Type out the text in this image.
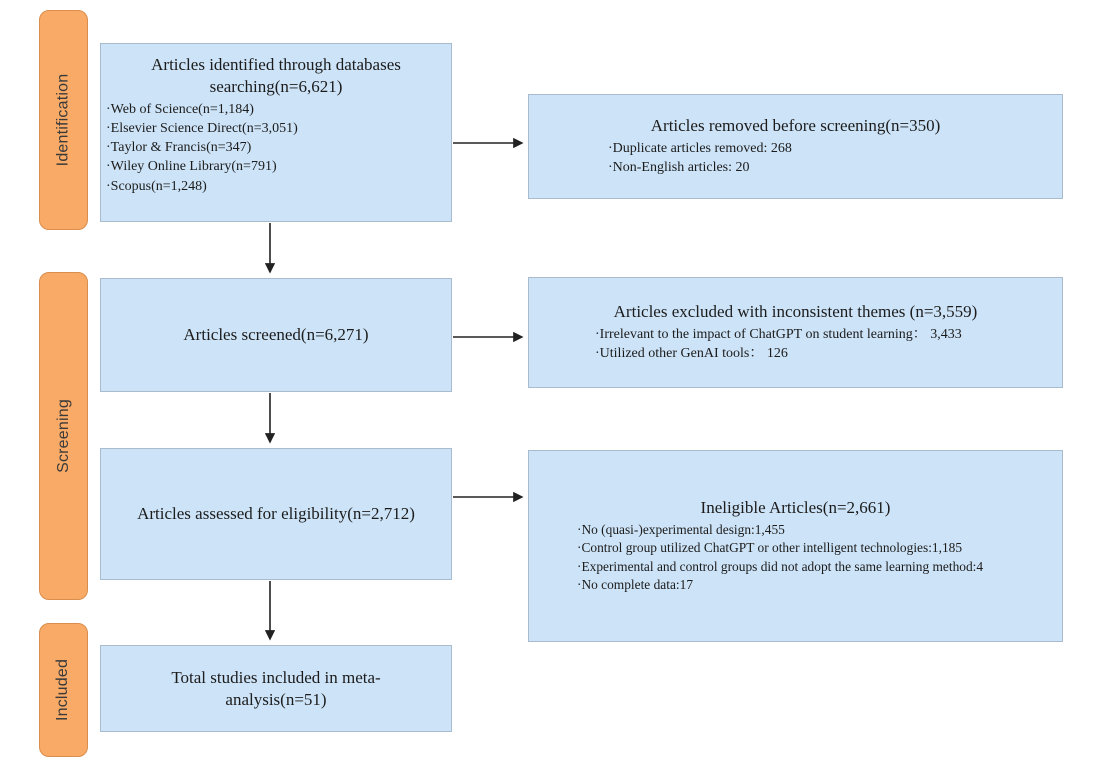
Identification
Screening
Included
Articles identified through databases searching(n=6,621)
·Web of Science(n=1,184)
·Elsevier Science Direct(n=3,051)
·Taylor & Francis(n=347)
·Wiley Online Library(n=791)
·Scopus(n=1,248)
Articles removed before screening(n=350)
·Duplicate articles removed: 268
·Non-English articles: 20
Articles screened(n=6,271)
Articles excluded with inconsistent themes (n=3,559)
·Irrelevant to the impact of ChatGPT on student learning： 3,433
·Utilized other GenAI tools： 126
Articles assessed for eligibility(n=2,712)	Ineligible Articles(n=2,661)
·No (quasi-)experimental design:1,455
·Control group utilized ChatGPT or other intelligent technologies:1,185
·Experimental and control groups did not adopt the same learning method:4
·No complete data:17
Total studies included in meta-analysis(n=51)
